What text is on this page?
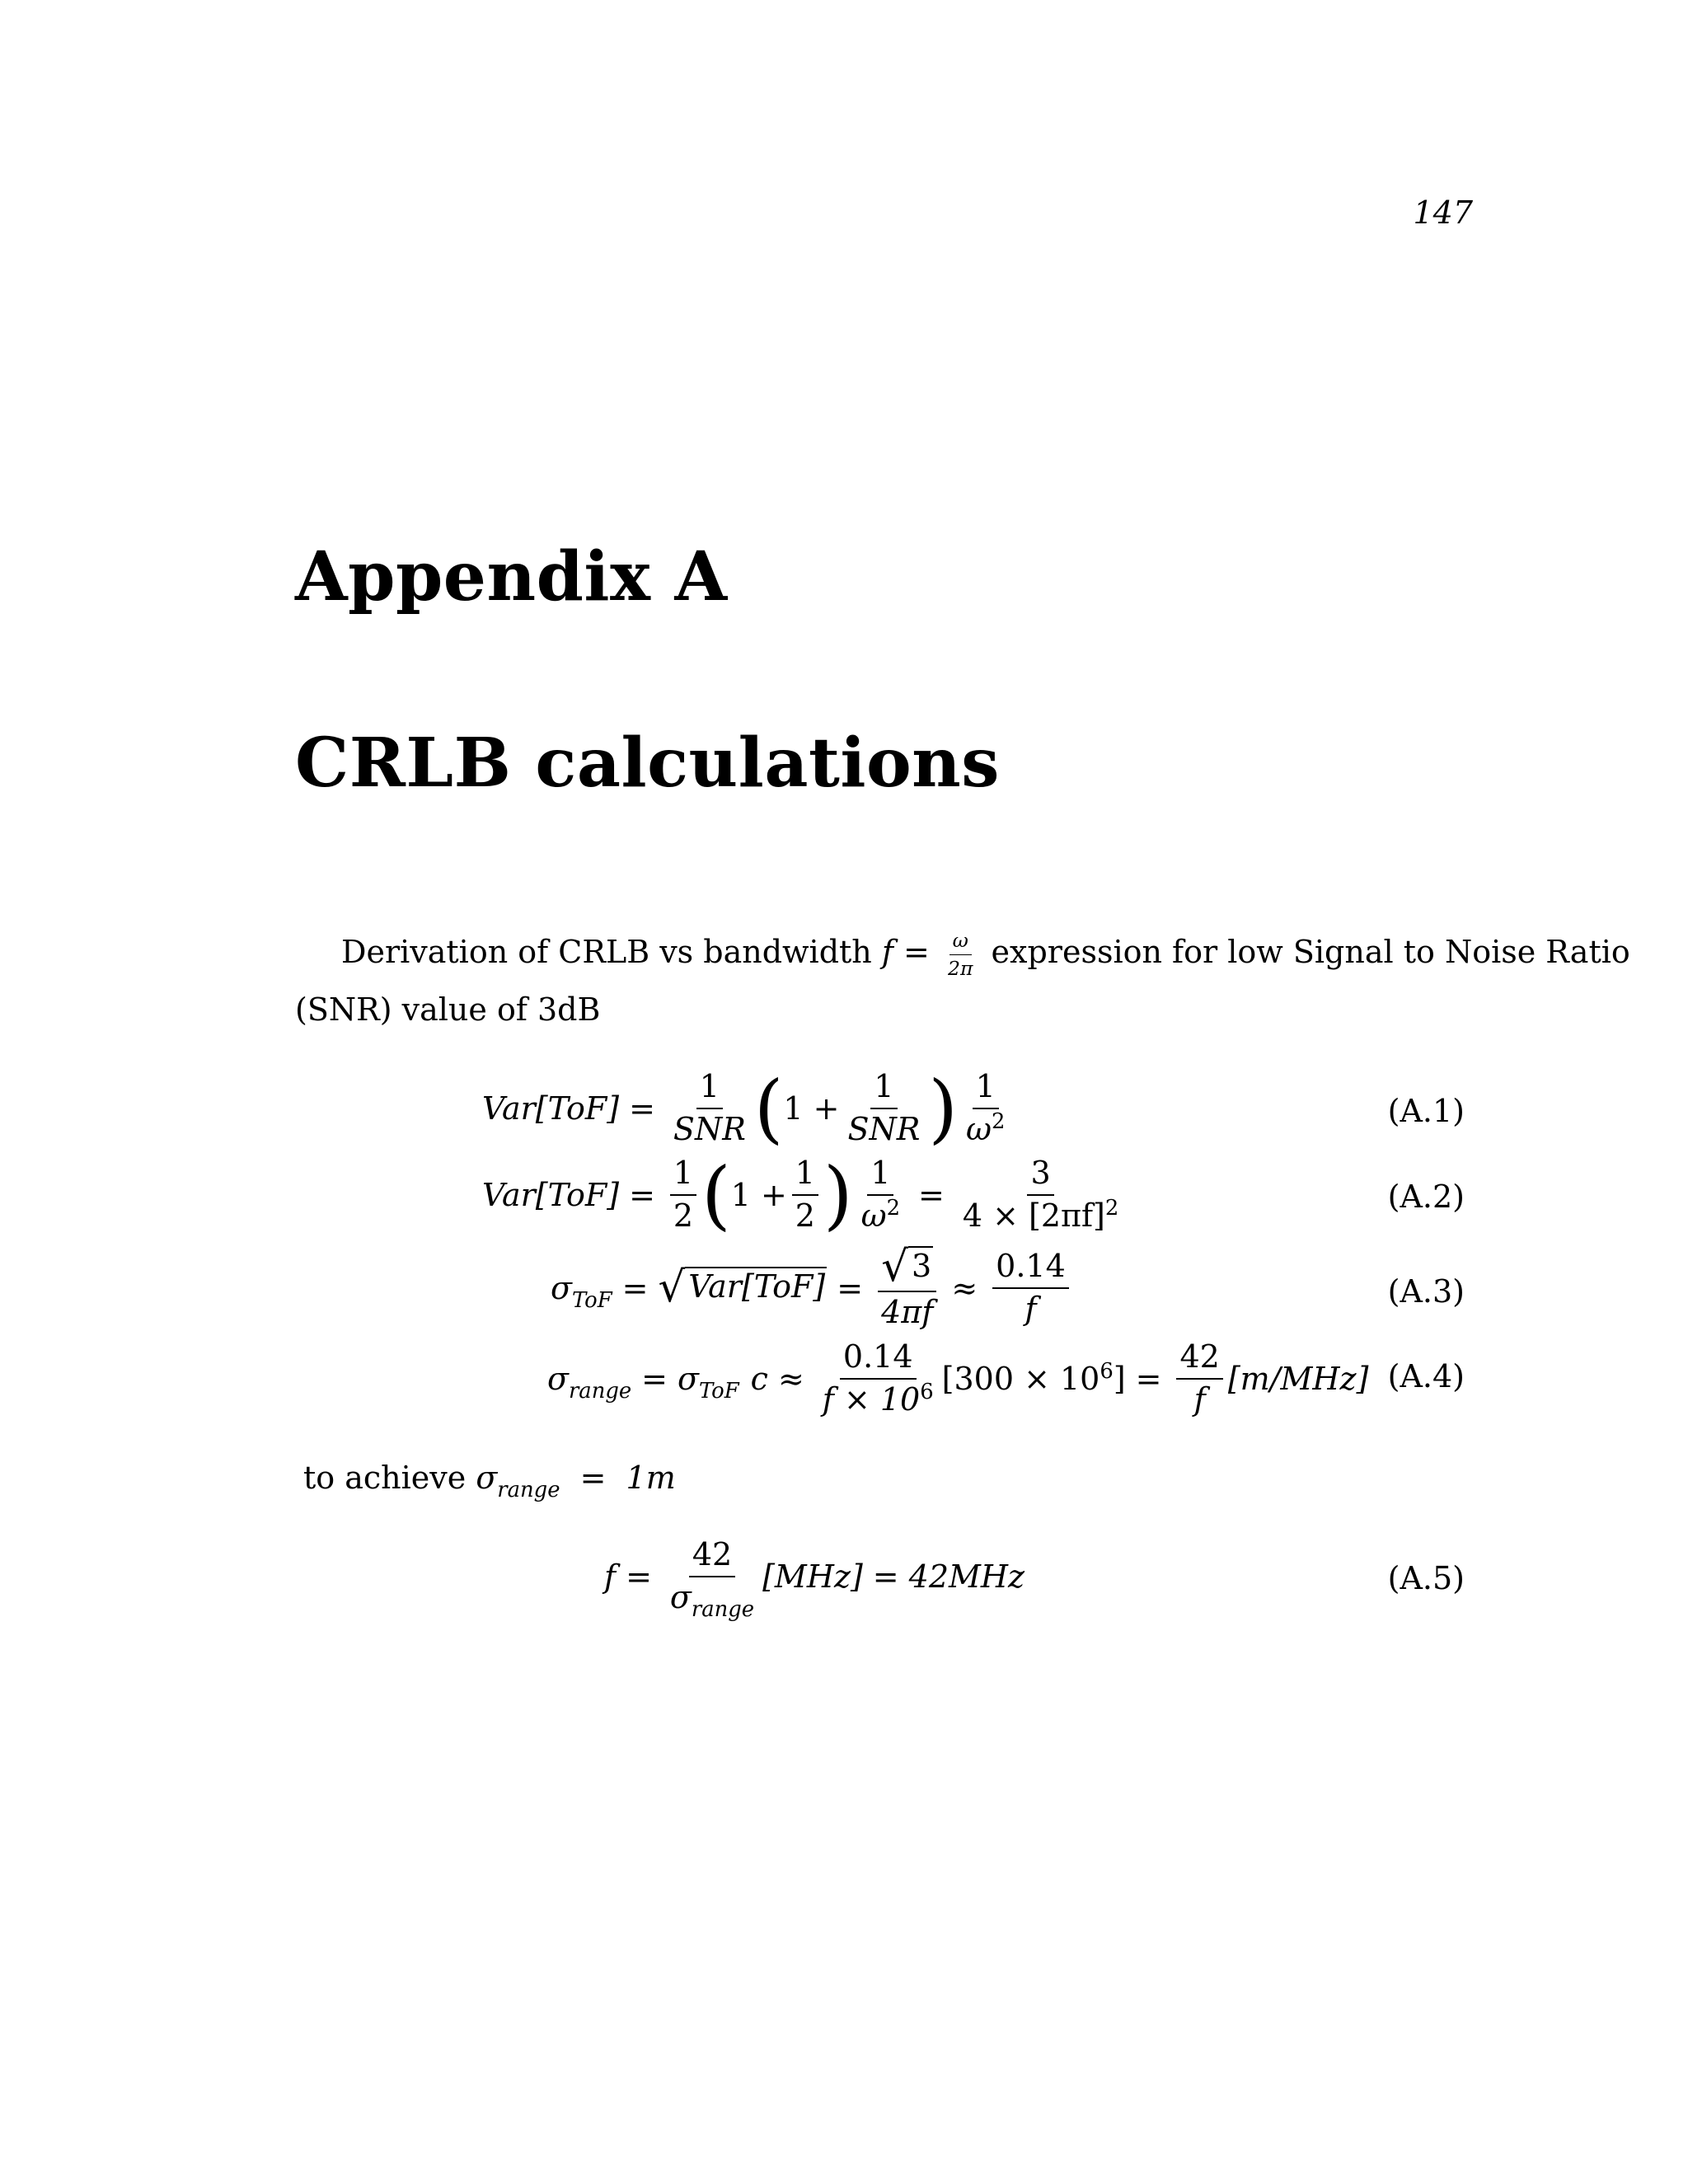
147
Appendix A
CRLB calculations
Derivation of CRLB vs bandwidth $f = \frac{\omega}{2\pi}$ expression for low Signal to Noise Ratio
(SNR) value of 3dB
$Var[ToF] = \frac{1}{\text{SNR}}$ ( $1 + \frac{1}{\text{SNR}}$ ) $\frac{1}{\omega^2}$	(A.1)
$Var[ToF] = \frac{1}{2}$ ( $1 + \frac{1}{2}$ ) $\frac{1}{\omega^2} = \frac{3}{4 \times [2\pi f]^2}$	(A.2)
$\sigma_{ToF}$ = √ $Var[ToF] = \frac{√ 3}{4\pi f} \approx \frac{0.14}{f}$	(A.3)
$\sigma_{range} = \sigma_{ToF}$ $c \approx \frac{0.14}{f \times 10^6} [300 \times 10^6] = \frac{42}{f} [m/MHz]$ (A.4)
to achieve $\sigma_{range} = 1m$
$f = \frac{42}{\sigma_{range}} [MHz] = 42MHz$	(A.5)
